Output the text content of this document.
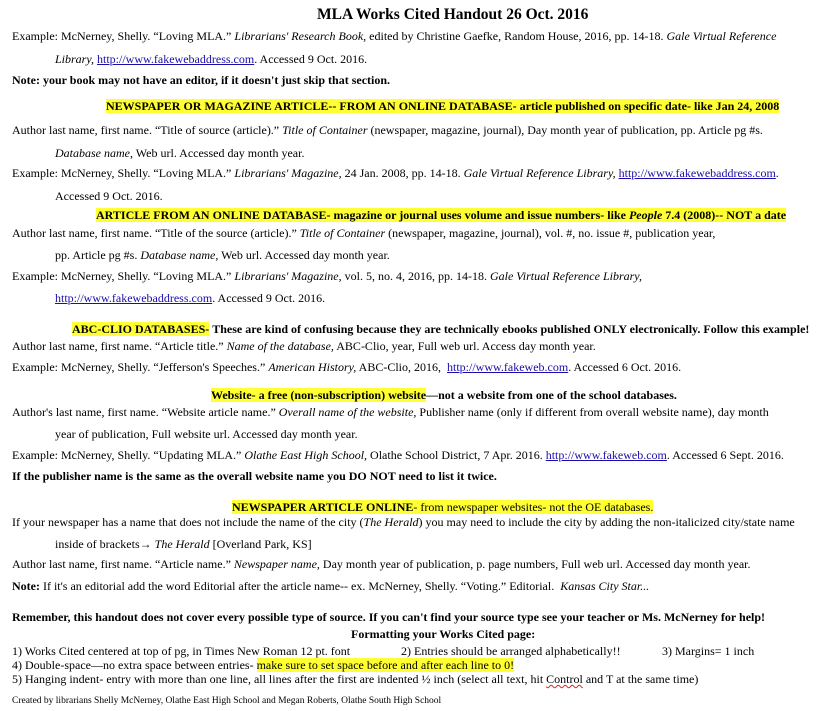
MLA Works Cited Handout 26 Oct. 2016
Example: McNerney, Shelly. “Loving MLA.” Librarians' Research Book, edited by Christine Gaefke, Random House, 2016, pp. 14-18. Gale Virtual Reference
Library, http://www.fakewebaddress.com. Accessed 9 Oct. 2016.
Note: your book may not have an editor, if it doesn't just skip that section.
NEWSPAPER OR MAGAZINE ARTICLE-- FROM AN ONLINE DATABASE- article published on specific date- like Jan 24, 2008
Author last name, first name. “Title of source (article).” Title of Container (newspaper, magazine, journal), Day month year of publication, pp. Article pg #s.
Database name, Web url. Accessed day month year.
Example: McNerney, Shelly. “Loving MLA.” Librarians' Magazine, 24 Jan. 2008, pp. 14-18. Gale Virtual Reference Library, http://www.fakewebaddress.com.
Accessed 9 Oct. 2016.
ARTICLE FROM AN ONLINE DATABASE- magazine or journal uses volume and issue numbers- like People 7.4 (2008)-- NOT a date
Author last name, first name. “Title of the source (article).” Title of Container (newspaper, magazine, journal), vol. #, no. issue #, publication year,
pp. Article pg #s. Database name, Web url. Accessed day month year.
Example: McNerney, Shelly. “Loving MLA.” Librarians' Magazine, vol. 5, no. 4, 2016, pp. 14-18. Gale Virtual Reference Library,
http://www.fakewebaddress.com. Accessed 9 Oct. 2016.
ABC-CLIO DATABASES- These are kind of confusing because they are technically ebooks published ONLY electronically. Follow this example!
Author last name, first name. “Article title.” Name of the database, ABC-Clio, year, Full web url. Access day month year.
Example: McNerney, Shelly. “Jefferson's Speeches.” American History, ABC-Clio, 2016, http://www.fakeweb.com. Accessed 6 Oct. 2016.
Website- a free (non-subscription) website—not a website from one of the school databases.
Author's last name, first name. “Website article name.” Overall name of the website, Publisher name (only if different from overall website name), day month
year of publication, Full website url. Accessed day month year.
Example: McNerney, Shelly. “Updating MLA.” Olathe East High School, Olathe School District, 7 Apr. 2016. http://www.fakeweb.com. Accessed 6 Sept. 2016.
If the publisher name is the same as the overall website name you DO NOT need to list it twice.
NEWSPAPER ARTICLE ONLINE- from newspaper websites- not the OE databases.
If your newspaper has a name that does not include the name of the city (The Herald) you may need to include the city by adding the non-italicized city/state name
inside of brackets→ The Herald [Overland Park, KS]
Author last name, first name. “Article name.” Newspaper name, Day month year of publication, p. page numbers, Full web url. Accessed day month year.
Note: If it's an editorial add the word Editorial after the article name-- ex. McNerney, Shelly. “Voting.” Editorial. Kansas City Star...
Remember, this handout does not cover every possible type of source. If you can't find your source type see your teacher or Ms. McNerney for help!
Formatting your Works Cited page:
1) Works Cited centered at top of pg, in Times New Roman 12 pt. font	2) Entries should be arranged alphabetically!!	3) Margins= 1 inch
4) Double-space—no extra space between entries- make sure to set space before and after each line to 0!
5) Hanging indent- entry with more than one line, all lines after the first are indented ½ inch (select all text, hit Control and T at the same time)
Created by librarians Shelly McNerney, Olathe East High School and Megan Roberts, Olathe South High School
